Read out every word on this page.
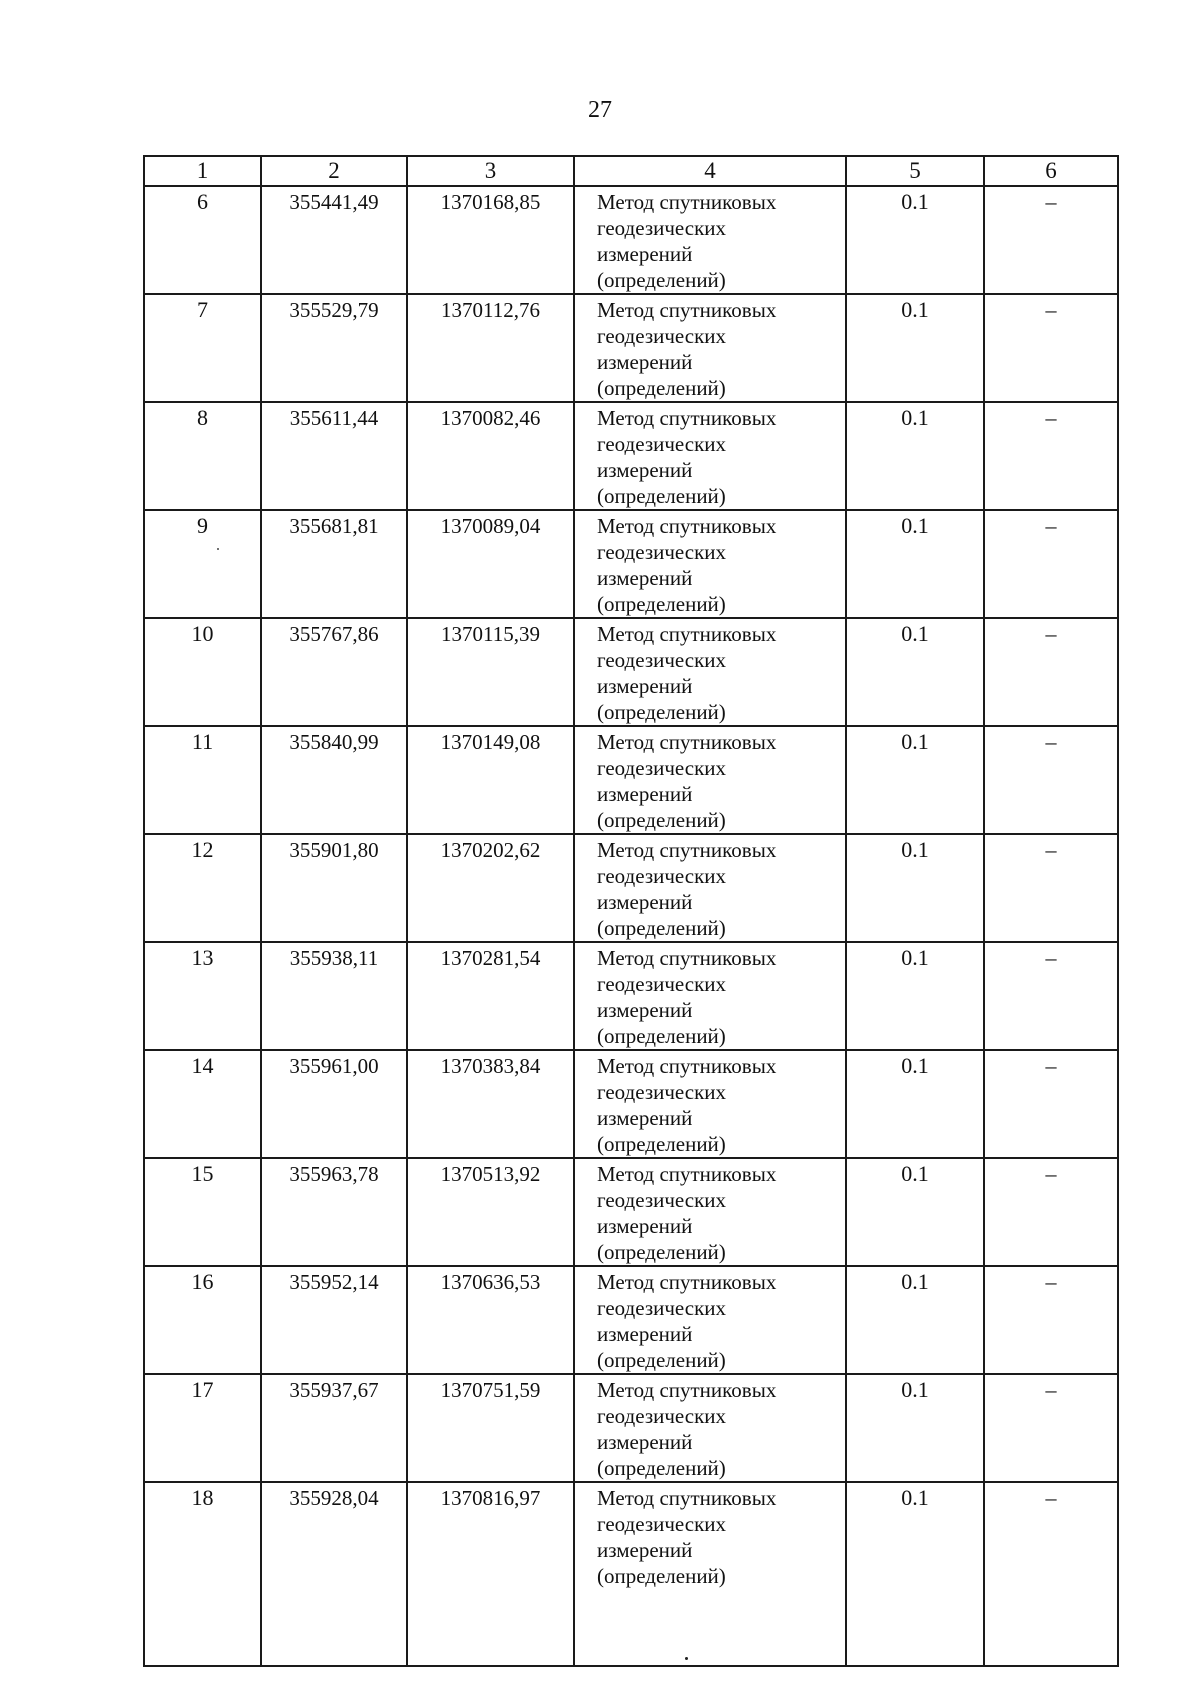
27
1	2	3	4	5	6
6	355441,49	1370168,85	Метод спутниковых
геодезических
измерений
(определений)	0.1	–
7	355529,79	1370112,76	Метод спутниковых
геодезических
измерений
(определений)	0.1	–
8	355611,44	1370082,46	Метод спутниковых
геодезических
измерений
(определений)	0.1	–
9	355681,81	1370089,04	Метод спутниковых
геодезических
измерений
(определений)	0.1	–
10	355767,86	1370115,39	Метод спутниковых
геодезических
измерений
(определений)	0.1	–
11	355840,99	1370149,08	Метод спутниковых
геодезических
измерений
(определений)	0.1	–
12	355901,80	1370202,62	Метод спутниковых
геодезических
измерений
(определений)	0.1	–
13	355938,11	1370281,54	Метод спутниковых
геодезических
измерений
(определений)	0.1	–
14	355961,00	1370383,84	Метод спутниковых
геодезических
измерений
(определений)	0.1	–
15	355963,78	1370513,92	Метод спутниковых
геодезических
измерений
(определений)	0.1	–
16	355952,14	1370636,53	Метод спутниковых
геодезических
измерений
(определений)	0.1	–
17	355937,67	1370751,59	Метод спутниковых
геодезических
измерений
(определений)	0.1	–
18	355928,04	1370816,97	Метод спутниковых
геодезических
измерений
(определений)	0.1	–
